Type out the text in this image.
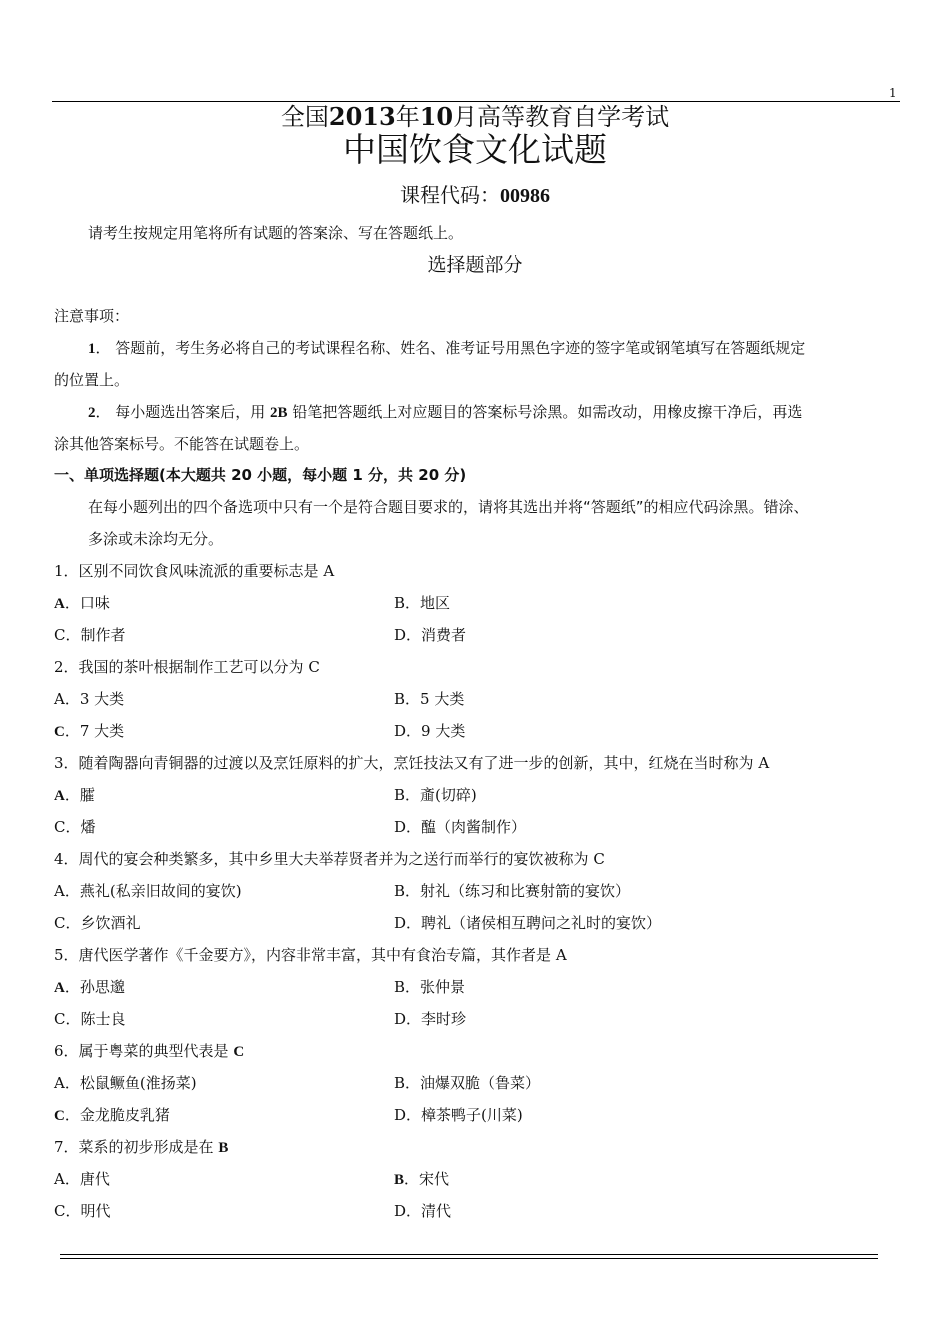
1
全国2013年10月高等教育自学考试
中国饮食文化试题
课程代码：00986
请考生按规定用笔将所有试题的答案涂、写在答题纸上。
选择题部分
注意事项：
1． 答题前，考生务必将自己的考试课程名称、姓名、准考证号用黑色字迹的签字笔或钢笔填写在答题纸规定
的位置上。
2． 每小题选出答案后，用 2B 铅笔把答题纸上对应题目的答案标号涂黑。如需改动，用橡皮擦干净后，再选
涂其他答案标号。不能答在试题卷上。
一、单项选择题(本大题共 20 小题，每小题 1 分，共 20 分)
在每小题列出的四个备选项中只有一个是符合题目要求的，请将其选出并将“答题纸”的相应代码涂黑。错涂、
多涂或未涂均无分。
1．区别不同饮食风味流派的重要标志是 A
A．口味	B．地区
C．制作者	D．消费者
2．我国的茶叶根据制作工艺可以分为 C
A．3 大类	B．5 大类
C．7 大类	D．9 大类
3．随着陶器向青铜器的过渡以及烹饪原料的扩大，烹饪技法又有了进一步的创新，其中，红烧在当时称为 A
A．臛	B．齑(切碎)
C．燔	D．醢（肉酱制作）
4．周代的宴会种类繁多，其中乡里大夫举荐贤者并为之送行而举行的宴饮被称为 C
A．燕礼(私亲旧故间的宴饮)	B．射礼（练习和比赛射箭的宴饮）
C．乡饮酒礼	D．聘礼（诸侯相互聘问之礼时的宴饮）
5．唐代医学著作《千金要方》，内容非常丰富，其中有食治专篇，其作者是 A
A．孙思邈	B．张仲景
C．陈士良	D．李时珍
6．属于粤菜的典型代表是 C
A．松鼠鳜鱼(淮扬菜)	B．油爆双脆（鲁菜）
C．金龙脆皮乳猪	D．樟茶鸭子(川菜)
7．菜系的初步形成是在 B
A．唐代	B．宋代
C．明代	D．清代
